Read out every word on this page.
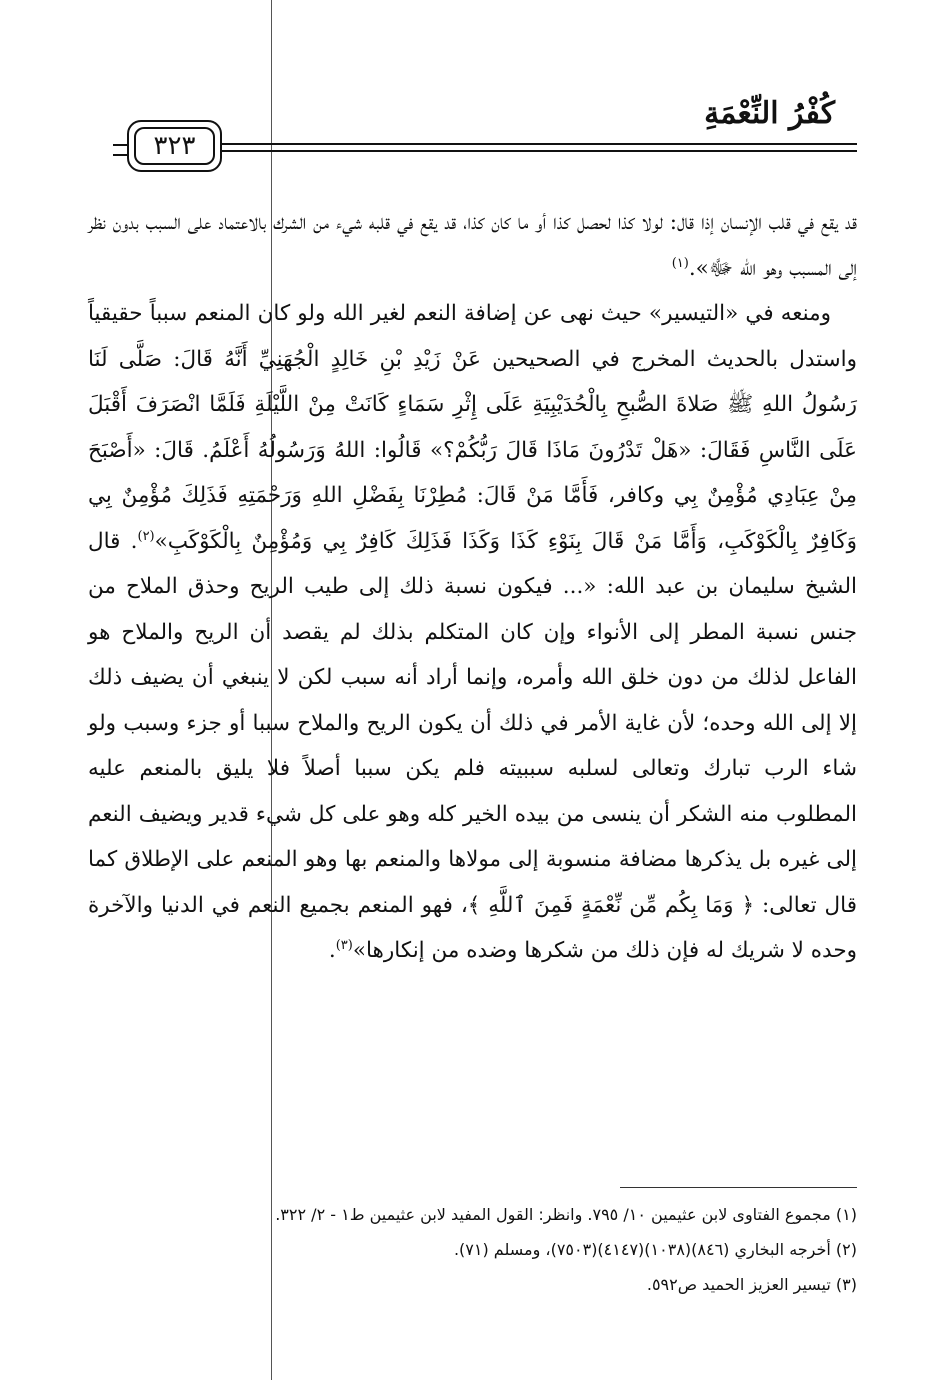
كُفْرُ النِّعْمَةِ
٣٢٣

قد يقع في قلب الإنسان إذا قال: لولا كذا لحصل كذا أو ما كان كذا، قد يقع في قلبه شيء من الشرك بالاعتماد على السبب بدون نظر إلى المسبب وهو الله ﷻ».$^{(١)}$

ومنعه في «التيسير» حيث نهى عن إضافة النعم لغير الله ولو كان المنعم سبباً حقيقياً واستدل بالحديث المخرج في الصحيحين عَنْ زَيْدِ بْنِ خَالِدٍ الْجُهَنِيِّ أَنَّهُ قَالَ: صَلَّى لَنَا رَسُولُ اللهِ ﷺ صَلاةَ الصُّبحِ بِالْحُدَيْبِيَةِ عَلَى إِثْرِ سَمَاءٍ كَانَتْ مِنْ اللَّيْلَةِ فَلَمَّا انْصَرَفَ أَقْبَلَ عَلَى النَّاسِ فَقَالَ: «هَلْ تَدْرُونَ مَاذَا قَالَ رَبُّكُمْ؟» قَالُوا: اللهُ وَرَسُولُهُ أَعْلَمُ. قَالَ: «أَصْبَحَ مِنْ عِبَادِي مُؤْمِنٌ بِي وكافر، فَأَمَّا مَنْ قَالَ: مُطِرْنَا بِفَضْلِ اللهِ وَرَحْمَتِهِ فَذَلِكَ مُؤْمِنٌ بِي وَكَافِرٌ بِالْكَوْكَبِ، وَأَمَّا مَنْ قَالَ بِنَوْءِ كَذَا وَكَذَا فَذَلِكَ كَافِرٌ بِي وَمُؤْمِنٌ بِالْكَوْكَبِ»$^{(٢)}$. قال الشيخ سليمان بن عبد الله: «... فيكون نسبة ذلك إلى طيب الريح وحذق الملاح من جنس نسبة المطر إلى الأنواء وإن كان المتكلم بذلك لم يقصد أن الريح والملاح هو الفاعل لذلك من دون خلق الله وأمره، وإنما أراد أنه سبب لكن لا ينبغي أن يضيف ذلك إلا إلى الله وحده؛ لأن غاية الأمر في ذلك أن يكون الريح والملاح سببا أو جزء وسبب ولو شاء الرب تبارك وتعالى لسلبه سببيته فلم يكن سببا أصلاً فلا يليق بالمنعم عليه المطلوب منه الشكر أن ينسى من بيده الخير كله وهو على كل شيء قدير ويضيف النعم إلى غيره بل يذكرها مضافة منسوبة إلى مولاها والمنعم بها وهو المنعم على الإطلاق كما قال تعالى: ﴿ وَمَا بِكُم مِّن نِّعْمَةٍ فَمِنَ ٱللَّهِ ﴾، فهو المنعم بجميع النعم في الدنيا والآخرة وحده لا شريك له فإن ذلك من شكرها وضده من إنكارها»$^{(٣)}$.

(١) مجموع الفتاوى لابن عثيمين ١٠/ ٧٩٥. وانظر: القول المفيد لابن عثيمين ط١ - ٢/ ٣٢٢.
(٢) أخرجه البخاري (٨٤٦)(١٠٣٨)(٤١٤٧)(٧٥٠٣)، ومسلم (٧١).
(٣) تيسير العزيز الحميد ص٥٩٢.
